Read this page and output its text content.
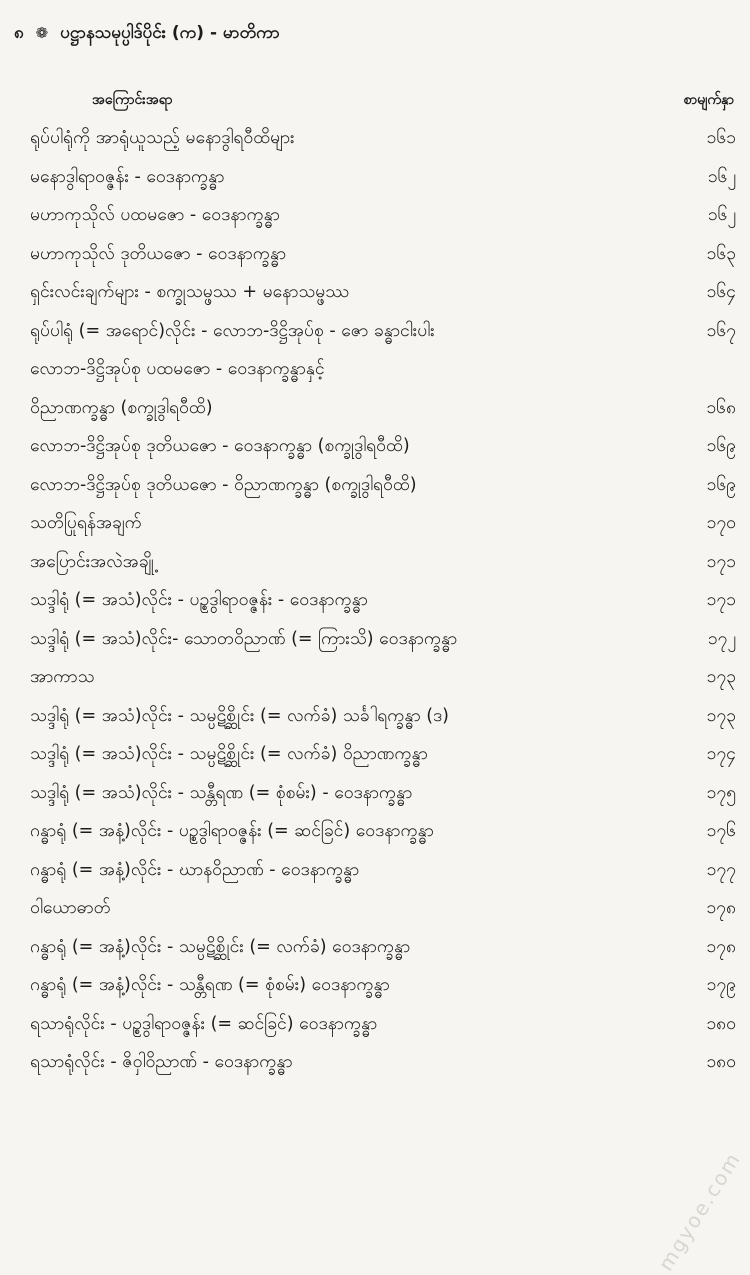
၈ ❁ ပဋ္ဌာနသမုပ္ပါဒ်ပိုင်း (က) - မာတိကာ
အကြောင်းအရာ	စာမျက်နှာ
ရုပ်ပါရုံကို အာရုံယူသည့် မနောဒွါရဝီထိများ	၁၆၁
မနောဒွါရာဝဇ္ဇန်း - ဝေဒနာက္ခန္ဓာ	၁၆၂
မဟာကုသိုလ် ပထမဇော - ဝေဒနာက္ခန္ဓာ	၁၆၂
မဟာကုသိုလ် ဒုတိယဇော - ဝေဒနာက္ခန္ဓာ	၁၆၃
ရှင်းလင်းချက်များ - စက္ခုသမ္ဖဿ + မနောသမ္ဖဿ	၁၆၄
ရုပ်ပါရုံ (= အရောင်)လိုင်း - လောဘ-ဒိဋ္ဌိအုပ်စု - ဇော ခန္ဓာငါးပါး	၁၆၇
လောဘ-ဒိဋ္ဌိအုပ်စု ပထမဇော - ဝေဒနာက္ခန္ဓာနှင့်
ဝိညာဏက္ခန္ဓာ (စက္ခုဒွါရဝီထိ)	၁၆၈
လောဘ-ဒိဋ္ဌိအုပ်စု ဒုတိယဇော - ဝေဒနာက္ခန္ဓာ (စက္ခုဒွါရဝီထိ)	၁၆၉
လောဘ-ဒိဋ္ဌိအုပ်စု ဒုတိယဇော - ဝိညာဏက္ခန္ဓာ (စက္ခုဒွါရဝီထိ)	၁၆၉
သတိပြုရန်အချက်	၁၇၀
အပြောင်းအလဲအချို့	၁၇၁
သဒ္ဒါရုံ (= အသံ)လိုင်း - ပဉ္စဒွါရာဝဇ္ဇန်း - ဝေဒနာက္ခန္ဓာ	၁၇၁
သဒ္ဒါရုံ (= အသံ)လိုင်း- သောတဝိညာဏ် (= ကြားသိ) ဝေဒနာက္ခန္ဓာ	၁၇၂
အာကာသ	၁၇၃
သဒ္ဒါရုံ (= အသံ)လိုင်း - သမ္ပဋိစ္ဆိုင်း (= လက်ခံ) သင်္ခါရက္ခန္ဓာ (ဒ)	၁၇၃
သဒ္ဒါရုံ (= အသံ)လိုင်း - သမ္ပဋိစ္ဆိုင်း (= လက်ခံ) ဝိညာဏက္ခန္ဓာ	၁၇၄
သဒ္ဒါရုံ (= အသံ)လိုင်း - သန္တီရဏ (= စုံစမ်း) - ဝေဒနာက္ခန္ဓာ	၁၇၅
ဂန္ဓာရုံ (= အနံ့)လိုင်း - ပဉ္စဒွါရာဝဇ္ဇန်း (= ဆင်ခြင်) ဝေဒနာက္ခန္ဓာ	၁၇၆
ဂန္ဓာရုံ (= အနံ့)လိုင်း - ဃာနဝိညာဏ် - ဝေဒနာက္ခန္ဓာ	၁၇၇
ဝါယောဓာတ်	၁၇၈
ဂန္ဓာရုံ (= အနံ့)လိုင်း - သမ္ပဋိစ္ဆိုင်း (= လက်ခံ) ဝေဒနာက္ခန္ဓာ	၁၇၈
ဂန္ဓာရုံ (= အနံ့)လိုင်း - သန္တီရဏ (= စုံစမ်း) ဝေဒနာက္ခန္ဓာ	၁၇၉
ရသာရုံလိုင်း - ပဉ္စဒွါရာဝဇ္ဇန်း (= ဆင်ခြင်) ဝေဒနာက္ခန္ဓာ	၁၈၀
ရသာရုံလိုင်း - ဇိဝှါဝိညာဏ် - ဝေဒနာက္ခန္ဓာ	၁၈၀
mgyoe.com
